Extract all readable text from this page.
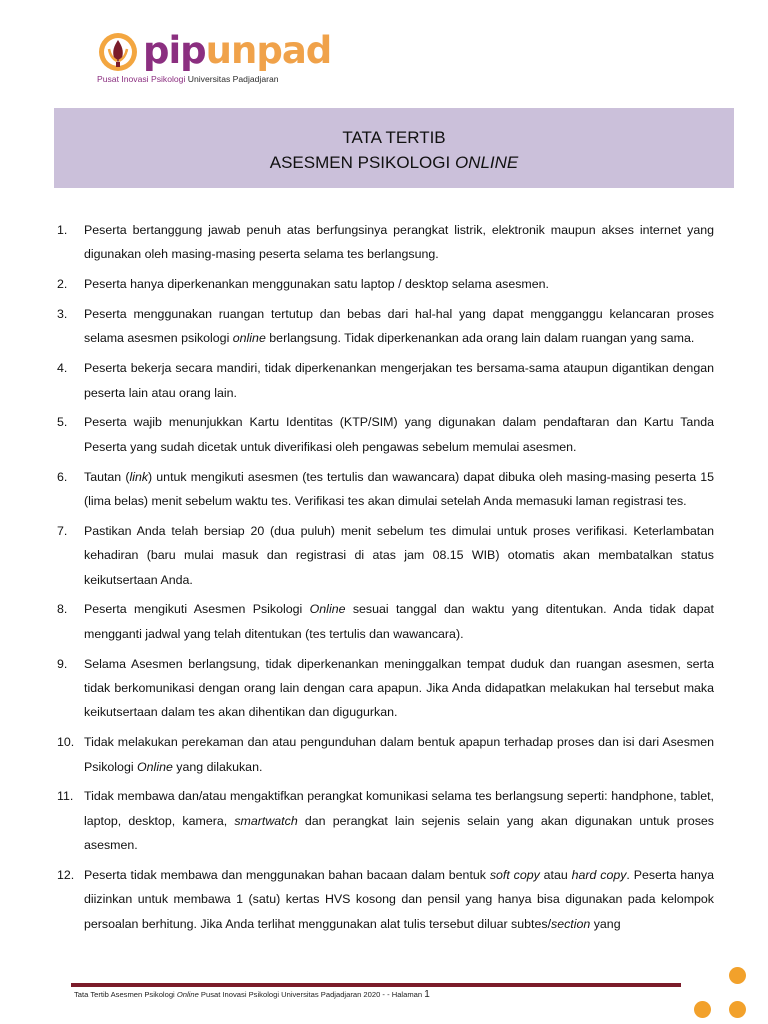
pipunpad
Pusat Inovasi Psikologi Universitas Padjadjaran
TATA TERTIB
ASESMEN PSIKOLOGI ONLINE
1. Peserta bertanggung jawab penuh atas berfungsinya perangkat listrik, elektronik maupun akses internet yang digunakan oleh masing-masing peserta selama tes berlangsung.
2. Peserta hanya diperkenankan menggunakan satu laptop / desktop selama asesmen.
3. Peserta menggunakan ruangan tertutup dan bebas dari hal-hal yang dapat mengganggu kelancaran proses selama asesmen psikologi online berlangsung. Tidak diperkenankan ada orang lain dalam ruangan yang sama.
4. Peserta bekerja secara mandiri, tidak diperkenankan mengerjakan tes bersama-sama ataupun digantikan dengan peserta lain atau orang lain.
5. Peserta wajib menunjukkan Kartu Identitas (KTP/SIM) yang digunakan dalam pendaftaran dan Kartu Tanda Peserta yang sudah dicetak untuk diverifikasi oleh pengawas sebelum memulai asesmen.
6. Tautan (link) untuk mengikuti asesmen (tes tertulis dan wawancara) dapat dibuka oleh masing-masing peserta 15 (lima belas) menit sebelum waktu tes. Verifikasi tes akan dimulai setelah Anda memasuki laman registrasi tes.
7. Pastikan Anda telah bersiap 20 (dua puluh) menit sebelum tes dimulai untuk proses verifikasi. Keterlambatan kehadiran (baru mulai masuk dan registrasi di atas jam 08.15 WIB) otomatis akan membatalkan status keikutsertaan Anda.
8. Peserta mengikuti Asesmen Psikologi Online sesuai tanggal dan waktu yang ditentukan. Anda tidak dapat mengganti jadwal yang telah ditentukan (tes tertulis dan wawancara).
9. Selama Asesmen berlangsung, tidak diperkenankan meninggalkan tempat duduk dan ruangan asesmen, serta tidak berkomunikasi dengan orang lain dengan cara apapun. Jika Anda didapatkan melakukan hal tersebut maka keikutsertaan dalam tes akan dihentikan dan digugurkan.
10. Tidak melakukan perekaman dan atau pengunduhan dalam bentuk apapun terhadap proses dan isi dari Asesmen Psikologi Online yang dilakukan.
11. Tidak membawa dan/atau mengaktifkan perangkat komunikasi selama tes berlangsung seperti: handphone, tablet, laptop, desktop, kamera, smartwatch dan perangkat lain sejenis selain yang akan digunakan untuk proses asesmen.
12. Peserta tidak membawa dan menggunakan bahan bacaan dalam bentuk soft copy atau hard copy. Peserta hanya diizinkan untuk membawa 1 (satu) kertas HVS kosong dan pensil yang hanya bisa digunakan pada kelompok persoalan berhitung. Jika Anda terlihat menggunakan alat tulis tersebut diluar subtes/section yang
Tata Tertib Asesmen Psikologi Online Pusat Inovasi Psikologi Universitas Padjadjaran 2020 - - Halaman 1
